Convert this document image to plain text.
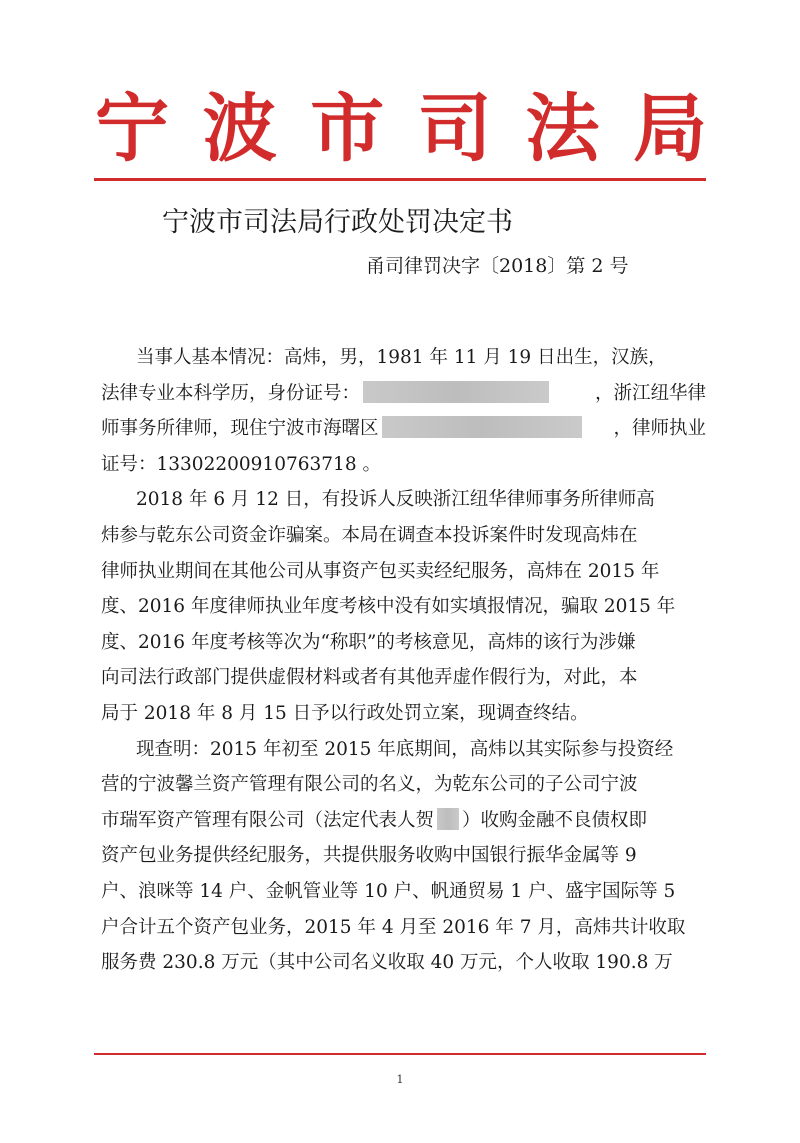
宁 波 市 司 法 局
宁波市司法局行政处罚决定书
甬司律罚决字〔2018〕第 2 号
当事人基本情况：高炜，男，1981 年 11 月 19 日出生，汉族，
法律专业本科学历，身份证号：	，浙江纽华律
师事务所律师，现住宁波市海曙区	，律师执业
证号：13302200910763718 。
2018 年 6 月 12 日，有投诉人反映浙江纽华律师事务所律师高
炜参与乾东公司资金诈骗案。本局在调查本投诉案件时发现高炜在
律师执业期间在其他公司从事资产包买卖经纪服务，高炜在 2015 年
度、2016 年度律师执业年度考核中没有如实填报情况，骗取 2015 年
度、2016 年度考核等次为“称职”的考核意见，高炜的该行为涉嫌
向司法行政部门提供虚假材料或者有其他弄虚作假行为，对此，本
局于 2018 年 8 月 15 日予以行政处罚立案，现调查终结。
现查明：2015 年初至 2015 年底期间，高炜以其实际参与投资经
营的宁波馨兰资产管理有限公司的名义，为乾东公司的子公司宁波
市瑞军资产管理有限公司（法定代表人贺 ）收购金融不良债权即
资产包业务提供经纪服务，共提供服务收购中国银行振华金属等 9
户、浪咪等 14 户、金帆管业等 10 户、帆通贸易 1 户、盛宇国际等 5
户合计五个资产包业务，2015 年 4 月至 2016 年 7 月，高炜共计收取
服务费 230.8 万元（其中公司名义收取 40 万元，个人收取 190.8 万
1
